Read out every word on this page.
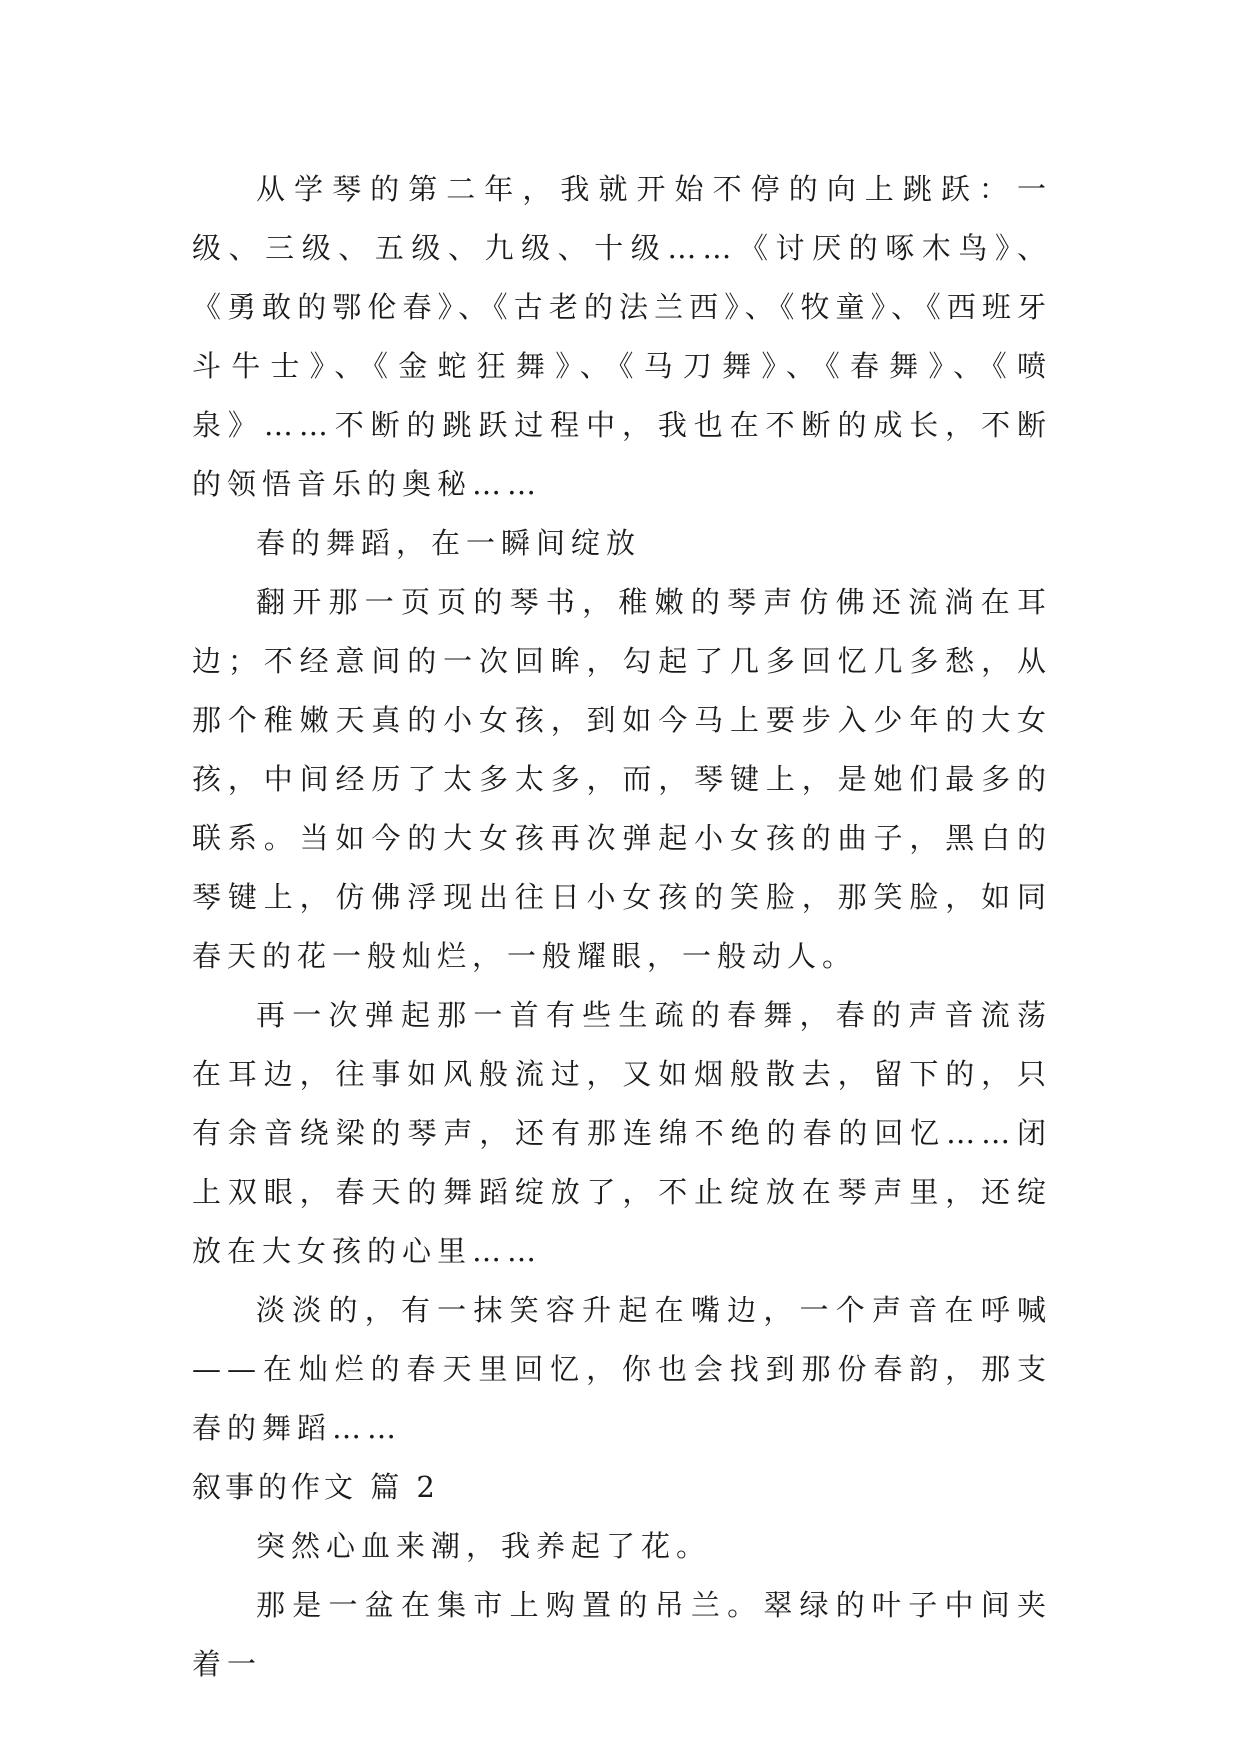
从学琴的第二年，我就开始不停的向上跳跃：一级、三级、五级、九级、十级……《讨厌的啄木鸟》、《勇敢的鄂伦春》、《古老的法兰西》、《牧童》、《西班牙斗牛士》、《金蛇狂舞》、《马刀舞》、《春舞》、《喷泉》……不断的跳跃过程中，我也在不断的成长，不断的领悟音乐的奥秘……

春的舞蹈，在一瞬间绽放

翻开那一页页的琴书，稚嫩的琴声仿佛还流淌在耳边；不经意间的一次回眸，勾起了几多回忆几多愁，从那个稚嫩天真的小女孩，到如今马上要步入少年的大女孩，中间经历了太多太多，而，琴键上，是她们最多的联系。当如今的大女孩再次弹起小女孩的曲子，黑白的琴键上，仿佛浮现出往日小女孩的笑脸，那笑脸，如同春天的花一般灿烂，一般耀眼，一般动人。

再一次弹起那一首有些生疏的春舞，春的声音流荡在耳边，往事如风般流过，又如烟般散去，留下的，只有余音绕梁的琴声，还有那连绵不绝的春的回忆……闭上双眼，春天的舞蹈绽放了，不止绽放在琴声里，还绽放在大女孩的心里……

淡淡的，有一抹笑容升起在嘴边，一个声音在呼喊——在灿烂的春天里回忆，你也会找到那份春韵，那支春的舞蹈……

叙事的作文 篇 2

突然心血来潮，我养起了花。

那是一盆在集市上购置的吊兰。翠绿的叶子中间夹着一
